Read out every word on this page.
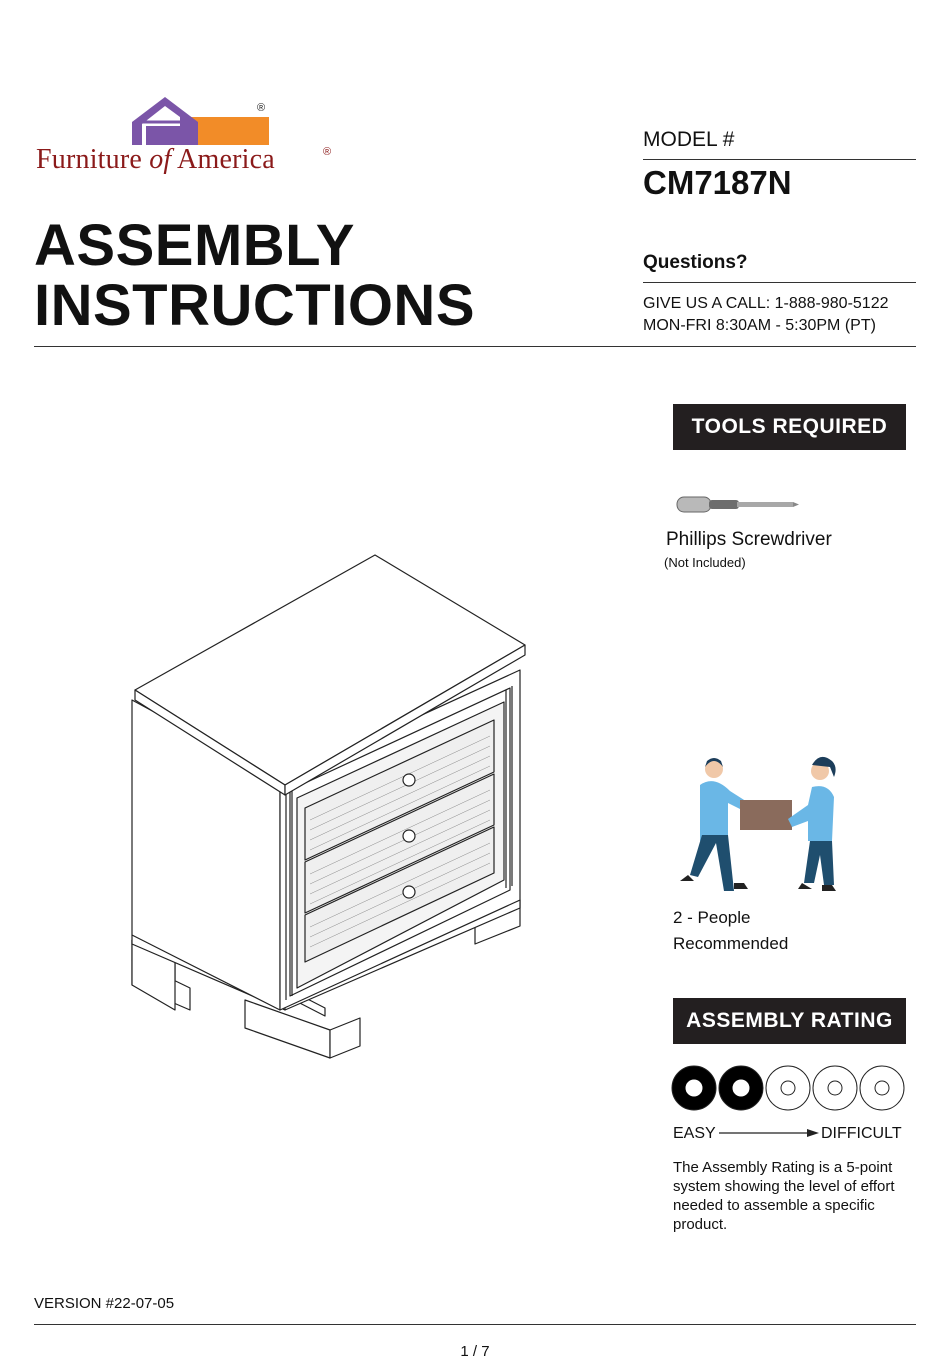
®
Furniture of America	®
ASSEMBLY
INSTRUCTIONS
MODEL #
CM7187N
Questions?
GIVE US A CALL: 1-888-980-5122
MON-FRI 8:30AM - 5:30PM (PT)
TOOLS REQUIRED
Phillips Screwdriver
(Not Included)
2 - People
Recommended
ASSEMBLY RATING
EASY	DIFFICULT
The Assembly Rating is a 5-point system showing the level of effort needed to assemble a specific product.
VERSION #22-07-05
1 / 7
